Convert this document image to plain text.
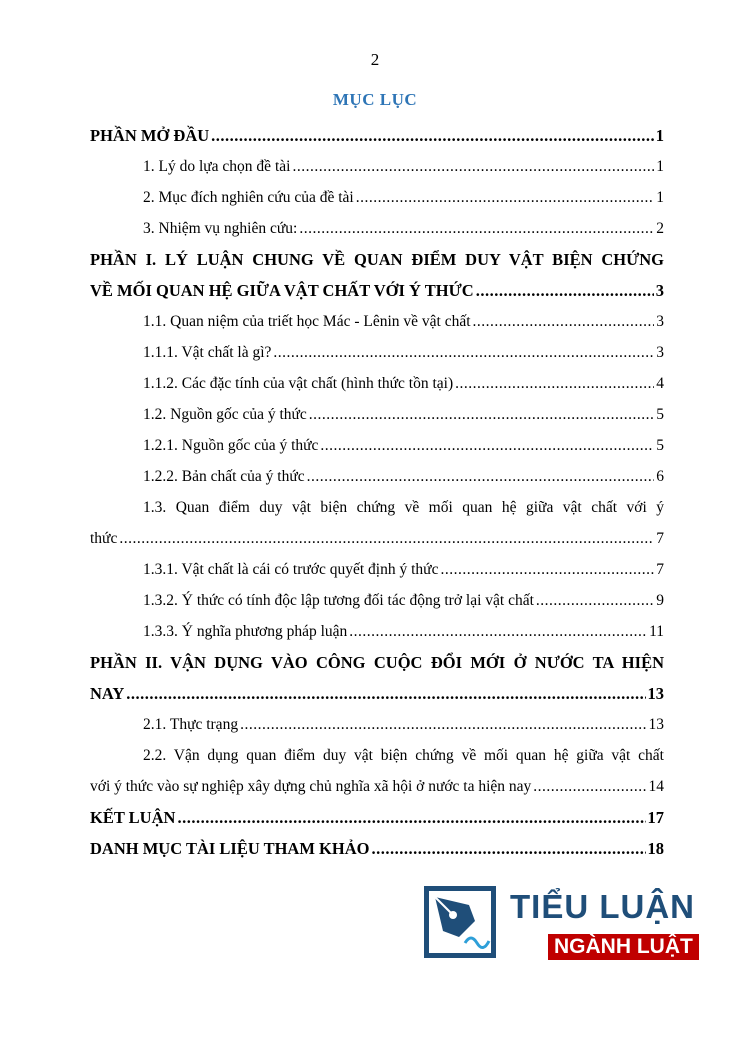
2
MỤC LỤC
PHẦN MỞ ĐẦU .....	1
1. Lý do lựa chọn đề tài .....	1
2. Mục đích nghiên cứu của đề tài .....	1
3. Nhiệm vụ nghiên cứu: .....	2
PHẦN I. LÝ LUẬN CHUNG VỀ QUAN ĐIỂM DUY VẬT BIỆN CHỨNG
VỀ MỐI QUAN HỆ GIỮA VẬT CHẤT VỚI Ý THỨC .....	3
1.1. Quan niệm của triết học Mác - Lênin về vật chất .....	3
1.1.1. Vật chất là gì? .....	3
1.1.2. Các đặc tính của vật chất (hình thức tồn tại) .....	4
1.2. Nguồn gốc của ý thức .....	5
1.2.1. Nguồn gốc của ý thức .....	5
1.2.2. Bản chất của ý thức .....	6
1.3. Quan điểm duy vật biện chứng về mối quan hệ giữa vật chất với ý
thức .....	7
1.3.1. Vật chất là cái có trước quyết định ý thức .....	7
1.3.2. Ý thức có tính độc lập tương đối tác động trở lại vật chất .....	9
1.3.3. Ý nghĩa phương pháp luận .....	11
PHẦN II. VẬN DỤNG VÀO CÔNG CUỘC ĐỔI MỚI Ở NƯỚC TA HIỆN
NAY .....	13
2.1. Thực trạng .....	13
2.2. Vận dụng quan điểm duy vật biện chứng về mối quan hệ giữa vật chất
với ý thức vào sự nghiệp xây dựng chủ nghĩa xã hội ở nước ta hiện nay .....	14
KẾT LUẬN .....	17
DANH MỤC TÀI LIỆU THAM KHẢO .....	18
TIỂU LUẬN
NGÀNH LUẬT
